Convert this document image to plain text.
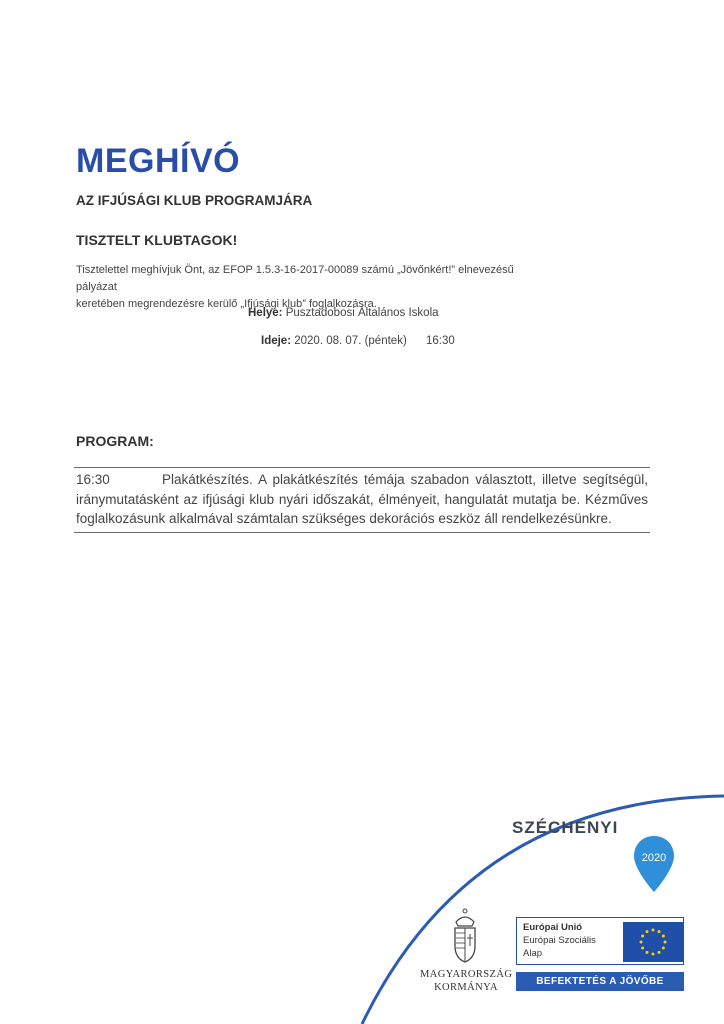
MEGHÍVÓ
AZ IFJÚSÁGI KLUB PROGRAMJÁRA
TISZTELT KLUBTAGOK!

Tisztelettel meghívjuk Önt, az EFOP 1.5.3-16-2017-00089 számú „Jövőnkért!” elnevezésű pályázat
keretében megrendezésre kerülő „Ifjúsági klub” foglalkozásra.

Helye: Pusztadobosi Általános Iskola
Ideje: 2020. 08. 07. (péntek) 16:30
PROGRAM:
16:30	Plakátkészítés. A plakátkészítés témája szabadon választott, illetve segítségül, iránymutatásként az ifjúsági klub nyári időszakát, élményeit, hangulatát mutatja be. Kézműves foglalkozásunk alkalmával számtalan szükséges dekorációs eszköz áll rendelkezésünkre.
SZÉCHENYI
2020
MAGYARORSZÁG
KORMÁNYA
Európai Unió
Európai Szociális
Alap
BEFEKTETÉS A JÖVŐBE
